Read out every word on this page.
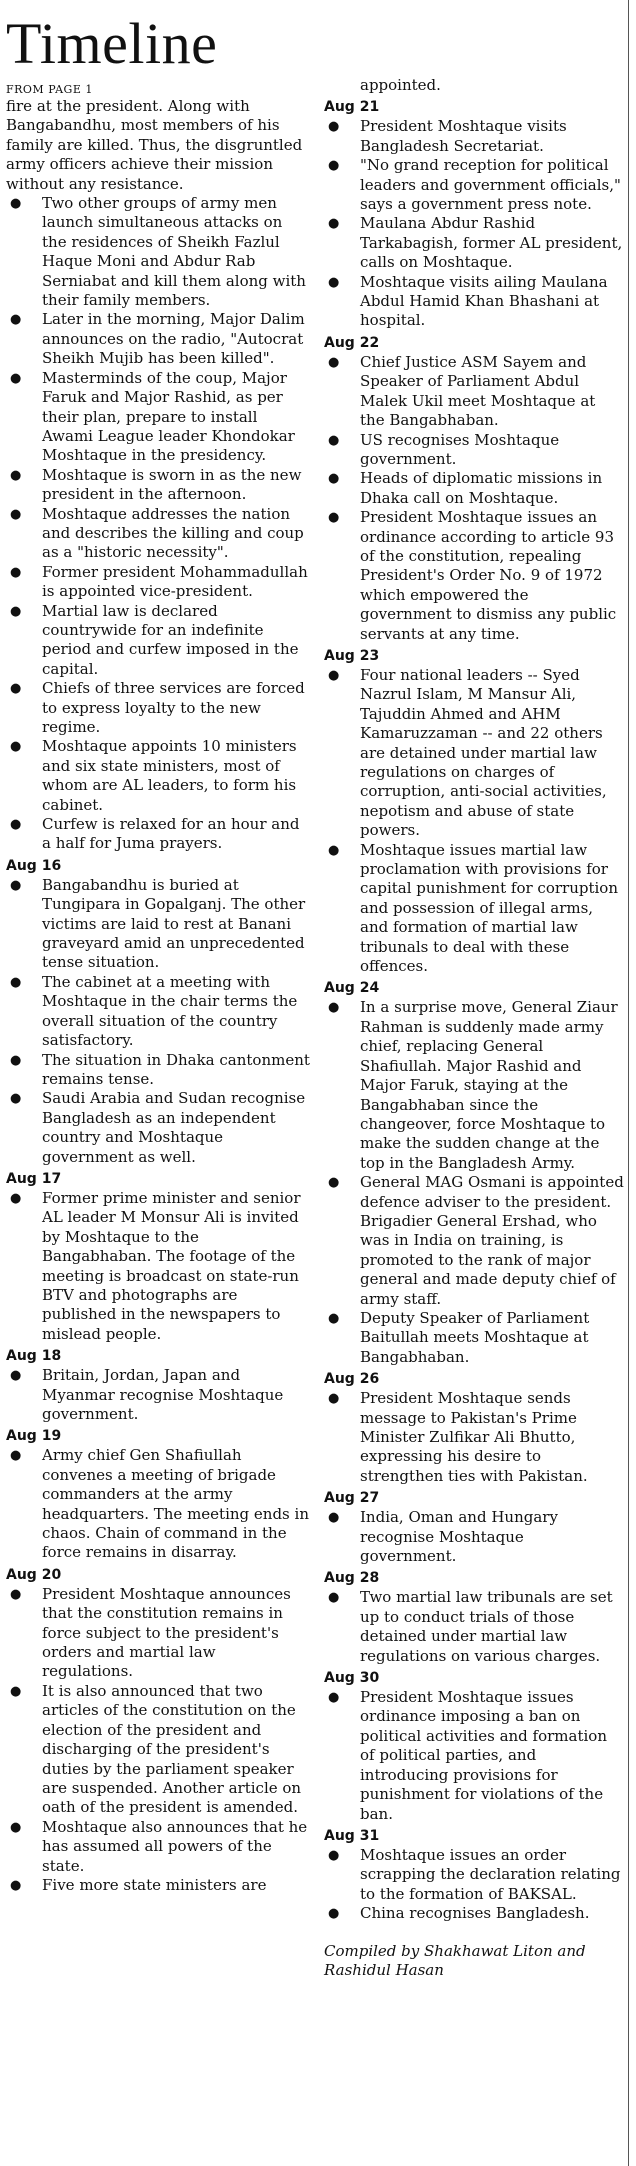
Timeline
FROM PAGE 1

fire at the president. Along with Bangabandhu, most members of his family are killed. Thus, the disgruntled army officers achieve their mission without any resistance.

● Two other groups of army men launch simultaneous attacks on the residences of Sheikh Fazlul Haque Moni and Abdur Rab Serniabat and kill them along with their family members.
● Later in the morning, Major Dalim announces on the radio, "Autocrat Sheikh Mujib has been killed".
● Masterminds of the coup, Major Faruk and Major Rashid, as per their plan, prepare to install Awami League leader Khondokar Moshtaque in the presidency.
● Moshtaque is sworn in as the new president in the afternoon.
● Moshtaque addresses the nation and describes the killing and coup as a "historic necessity".
● Former president Mohammadullah is appointed vice-president.
● Martial law is declared countrywide for an indefinite period and curfew imposed in the capital.
● Chiefs of three services are forced to express loyalty to the new regime.
● Moshtaque appoints 10 ministers and six state ministers, most of whom are AL leaders, to form his cabinet.
● Curfew is relaxed for an hour and a half for Juma prayers.
Aug 16
● Bangabandhu is buried at Tungipara in Gopalganj. The other victims are laid to rest at Banani graveyard amid an unprecedented tense situation.
● The cabinet at a meeting with Moshtaque in the chair terms the overall situation of the country satisfactory.
● The situation in Dhaka cantonment remains tense.
● Saudi Arabia and Sudan recognise Bangladesh as an independent country and Moshtaque government as well.
Aug 17
● Former prime minister and senior AL leader M Monsur Ali is invited by Moshtaque to the Bangabhaban. The footage of the meeting is broadcast on state-run BTV and photographs are published in the newspapers to mislead people.
Aug 18
● Britain, Jordan, Japan and Myanmar recognise Moshtaque government.
Aug 19
● Army chief Gen Shafiullah convenes a meeting of brigade commanders at the army headquarters. The meeting ends in chaos. Chain of command in the force remains in disarray.
Aug 20
● President Moshtaque announces that the constitution remains in force subject to the president's orders and martial law regulations.
● It is also announced that two articles of the constitution on the election of the president and discharging of the president's duties by the parliament speaker are suspended. Another article on oath of the president is amended.
● Moshtaque also announces that he has assumed all powers of the state.
● Five more state ministers are

appointed.

Aug 21
● President Moshtaque visits Bangladesh Secretariat.
● "No grand reception for political leaders and government officials," says a government press note.
● Maulana Abdur Rashid Tarkabagish, former AL president, calls on Moshtaque.
● Moshtaque visits ailing Maulana Abdul Hamid Khan Bhashani at hospital.
Aug 22
● Chief Justice ASM Sayem and Speaker of Parliament Abdul Malek Ukil meet Moshtaque at the Bangabhaban.
● US recognises Moshtaque government.
● Heads of diplomatic missions in Dhaka call on Moshtaque.
● President Moshtaque issues an ordinance according to article 93 of the constitution, repealing President's Order No. 9 of 1972 which empowered the government to dismiss any public servants at any time.
Aug 23
● Four national leaders -- Syed Nazrul Islam, M Mansur Ali, Tajuddin Ahmed and AHM Kamaruzzaman -- and 22 others are detained under martial law regulations on charges of corruption, anti-social activities, nepotism and abuse of state powers.
● Moshtaque issues martial law proclamation with provisions for capital punishment for corruption and possession of illegal arms, and formation of martial law tribunals to deal with these offences.
Aug 24
● In a surprise move, General Ziaur Rahman is suddenly made army chief, replacing General Shafiullah. Major Rashid and Major Faruk, staying at the Bangabhaban since the changeover, force Moshtaque to make the sudden change at the top in the Bangladesh Army.
● General MAG Osmani is appointed defence adviser to the president. Brigadier General Ershad, who was in India on training, is promoted to the rank of major general and made deputy chief of army staff.
● Deputy Speaker of Parliament Baitullah meets Moshtaque at Bangabhaban.
Aug 26
● President Moshtaque sends message to Pakistan's Prime Minister Zulfikar Ali Bhutto, expressing his desire to strengthen ties with Pakistan.
Aug 27
● India, Oman and Hungary recognise Moshtaque government.
Aug 28
● Two martial law tribunals are set up to conduct trials of those detained under martial law regulations on various charges.
Aug 30
● President Moshtaque issues ordinance imposing a ban on political activities and formation of political parties, and introducing provisions for punishment for violations of the ban.
Aug 31
● Moshtaque issues an order scrapping the declaration relating to the formation of BAKSAL.
● China recognises Bangladesh.

Compiled by Shakhawat Liton and Rashidul Hasan
